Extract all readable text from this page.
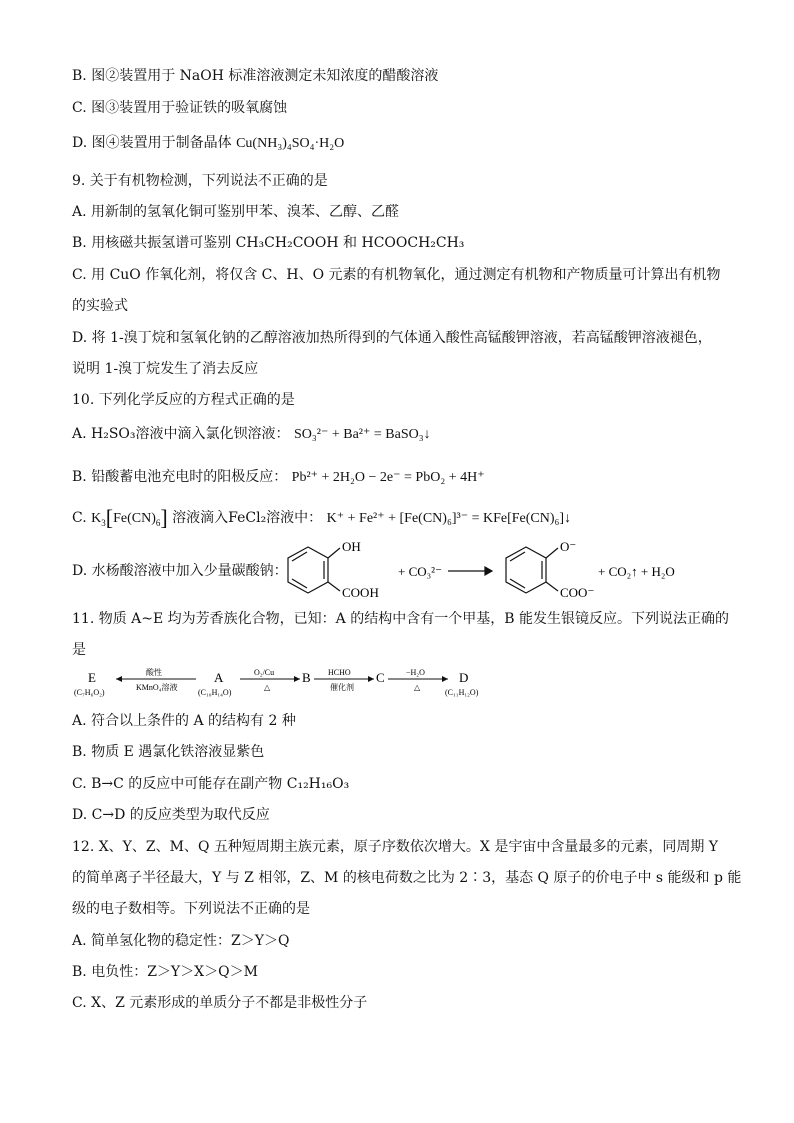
B. 图②装置用于 NaOH 标准溶液测定未知浓度的醋酸溶液
C. 图③装置用于验证铁的吸氧腐蚀
D. 图④装置用于制备晶体 Cu(NH₃)₄SO₄·H₂O
9. 关于有机物检测，下列说法不正确的是
A. 用新制的氢氧化铜可鉴别甲苯、溴苯、乙醇、乙醛
B. 用核磁共振氢谱可鉴别 CH₃CH₂COOH 和 HCOOCH₂CH₃
C. 用 CuO 作氧化剂，将仅含 C、H、O 元素的有机物氧化，通过测定有机物和产物质量可计算出有机物
的实验式
D. 将 1-溴丁烷和氢氧化钠的乙醇溶液加热所得到的气体通入酸性高锰酸钾溶液，若高锰酸钾溶液褪色，
说明 1-溴丁烷发生了消去反应
10. 下列化学反应的方程式正确的是
A. H₂SO₃溶液中滴入氯化钡溶液： SO₃²⁻ + Ba²⁺ = BaSO₃↓
B. 铅酸蓄电池充电时的阳极反应： Pb²⁺ + 2H₂O − 2e⁻ = PbO₂ + 4H⁺
C. $K_3[Fe(CN)_6]$ 溶液滴入FeCl₂溶液中： K⁺ + Fe²⁺ + [Fe(CN)₆]³⁻ = KFe[Fe(CN)₆]↓
D. 水杨酸溶液中加入少量碳酸钠：
OH
COOH
+ CO₃²⁻
O⁻
COO⁻
+ CO₂↑ + H₂O
11. 物质 A~E 均为芳香族化合物，已知：A 的结构中含有一个甲基，B 能发生银镜反应。下列说法正确的
是
E
(C₇H₆O₂)
酸性
KMnO₄溶液
A
(C₁₀H₁₄O)
O₂/Cu
△
B HCHO
催化剂
C	−H₂O
△
D
(C₁₁H₁₂O)
A. 符合以上条件的 A 的结构有 2 种
B. 物质 E 遇氯化铁溶液显紫色
C. B→C 的反应中可能存在副产物 C₁₂H₁₆O₃
D. C→D 的反应类型为取代反应
12. X、Y、Z、M、Q 五种短周期主族元素，原子序数依次增大。X 是宇宙中含量最多的元素，同周期 Y
的简单离子半径最大，Y 与 Z 相邻，Z、M 的核电荷数之比为 2∶3，基态 Q 原子的价电子中 s 能级和 p 能
级的电子数相等。下列说法不正确的是
A. 简单氢化物的稳定性：Z＞Y＞Q
B. 电负性：Z＞Y＞X＞Q＞M
C. X、Z 元素形成的单质分子不都是非极性分子
